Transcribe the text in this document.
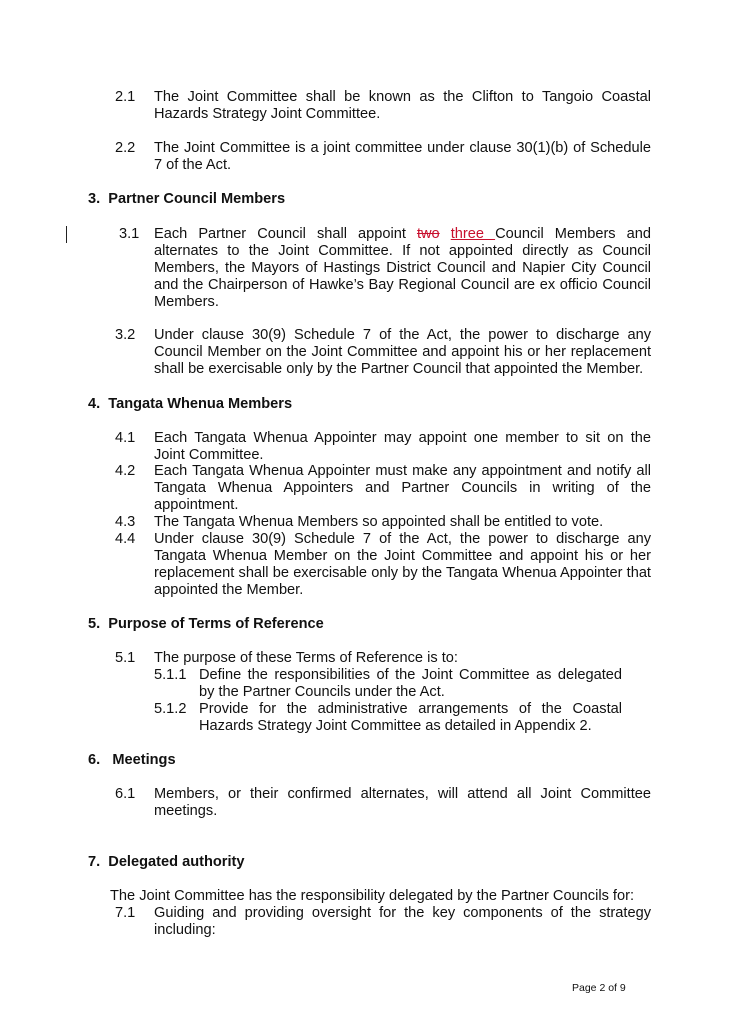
2.1 The Joint Committee shall be known as the Clifton to Tangoio Coastal Hazards Strategy Joint Committee.
2.2 The Joint Committee is a joint committee under clause 30(1)(b) of Schedule 7 of the Act.
3. Partner Council Members
3.1 Each Partner Council shall appoint two three Council Members and alternates to the Joint Committee. If not appointed directly as Council Members, the Mayors of Hastings District Council and Napier City Council and the Chairperson of Hawke’s Bay Regional Council are ex officio Council Members.
3.2 Under clause 30(9) Schedule 7 of the Act, the power to discharge any Council Member on the Joint Committee and appoint his or her replacement shall be exercisable only by the Partner Council that appointed the Member.
4. Tangata Whenua Members
4.1 Each Tangata Whenua Appointer may appoint one member to sit on the Joint Committee.
4.2 Each Tangata Whenua Appointer must make any appointment and notify all Tangata Whenua Appointers and Partner Councils in writing of the appointment.
4.3 The Tangata Whenua Members so appointed shall be entitled to vote.
4.4 Under clause 30(9) Schedule 7 of the Act, the power to discharge any Tangata Whenua Member on the Joint Committee and appoint his or her replacement shall be exercisable only by the Tangata Whenua Appointer that appointed the Member.
5. Purpose of Terms of Reference
5.1 The purpose of these Terms of Reference is to:
5.1.1 Define the responsibilities of the Joint Committee as delegated by the Partner Councils under the Act.
5.1.2 Provide for the administrative arrangements of the Coastal Hazards Strategy Joint Committee as detailed in Appendix 2.
6. Meetings
6.1 Members, or their confirmed alternates, will attend all Joint Committee meetings.
7. Delegated authority
The Joint Committee has the responsibility delegated by the Partner Councils for:
7.1 Guiding and providing oversight for the key components of the strategy including:
Page 2 of 9
